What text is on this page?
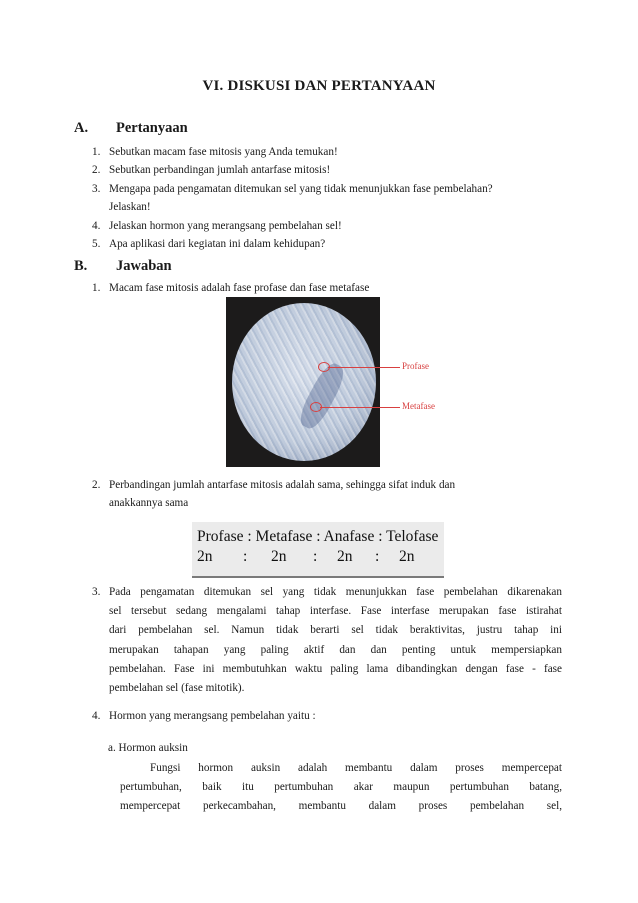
VI. DISKUSI DAN PERTANYAAN
A. Pertanyaan
1. Sebutkan macam fase mitosis yang Anda temukan!
2. Sebutkan perbandingan jumlah antarfase mitosis!
3. Mengapa pada pengamatan ditemukan sel yang tidak menunjukkan fase pembelahan?
Jelaskan!
4. Jelaskan hormon yang merangsang pembelahan sel!
5. Apa aplikasi dari kegiatan ini dalam kehidupan?
B. Jawaban
1. Macam fase mitosis adalah fase profase dan fase metafase
Profase
Metafase
2. Perbandingan jumlah antarfase mitosis adalah sama, sehingga sifat induk dan
anakkannya sama
Profase : Metafase : Anafase : Telofase
2n : 2n : 2n : 2n
3. Pada pengamatan ditemukan sel yang tidak menunjukkan fase pembelahan dikarenakan
sel tersebut sedang mengalami tahap interfase. Fase interfase merupakan fase istirahat
dari pembelahan sel. Namun tidak berarti sel tidak beraktivitas, justru tahap ini
merupakan tahapan yang paling aktif dan dan penting untuk mempersiapkan
pembelahan. Fase ini membutuhkan waktu paling lama dibandingkan dengan fase - fase
pembelahan sel (fase mitotik).
4. Hormon yang merangsang pembelahan yaitu :
a. Hormon auksin
Fungsi hormon auksin adalah membantu dalam proses mempercepat
pertumbuhan, baik itu pertumbuhan akar maupun pertumbuhan batang,
mempercepat perkecambahan, membantu dalam proses pembelahan sel,
